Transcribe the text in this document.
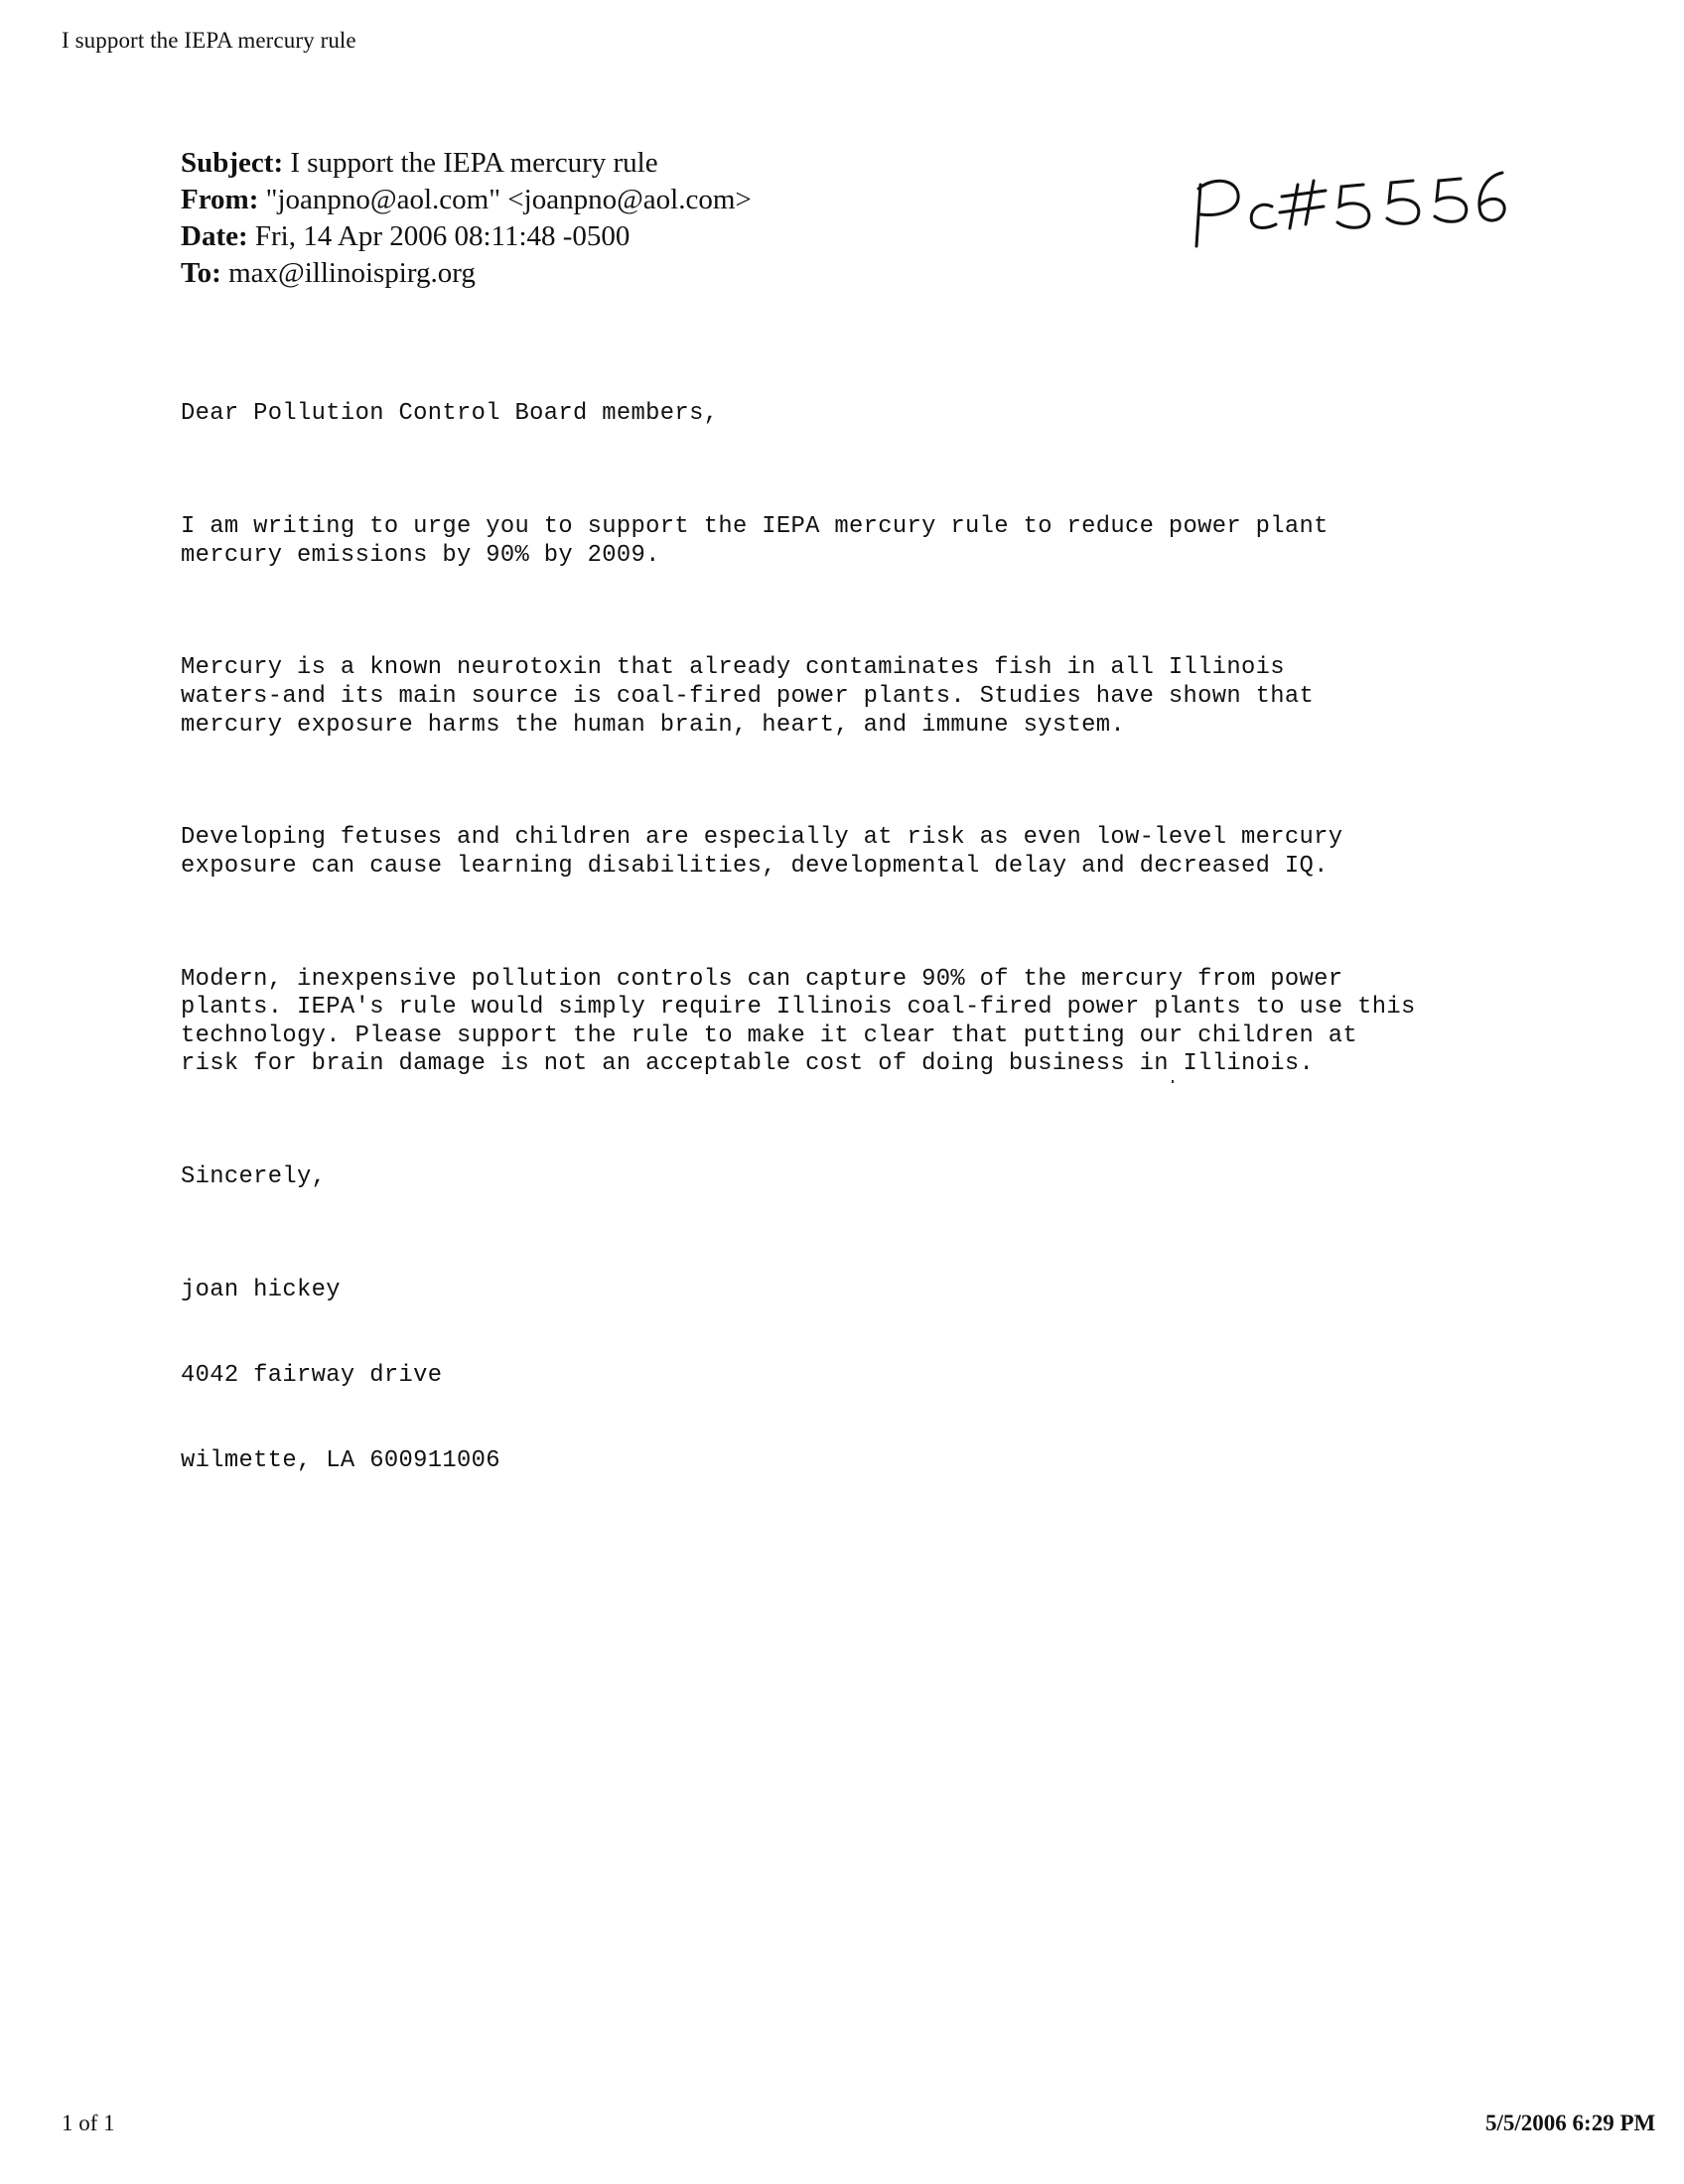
I support the IEPA mercury rule
Subject: I support the IEPA mercury rule
From: "joanpno@aol.com" <joanpno@aol.com>
Date: Fri, 14 Apr 2006 08:11:48 -0500
To: max@illinoispirg.org

Dear Pollution Control Board members,

I am writing to urge you to support the IEPA mercury rule to reduce power plant
mercury emissions by 90% by 2009.

Mercury is a known neurotoxin that already contaminates fish in all Illinois
waters-and its main source is coal-fired power plants. Studies have shown that
mercury exposure harms the human brain, heart, and immune system.

Developing fetuses and children are especially at risk as even low-level mercury
exposure can cause learning disabilities, developmental delay and decreased IQ.

Modern, inexpensive pollution controls can capture 90% of the mercury from power
plants. IEPA's rule would simply require Illinois coal-fired power plants to use this
technology. Please support the rule to make it clear that putting our children at
risk for brain damage is not an acceptable cost of doing business in Illinois.

Sincerely,

joan hickey

4042 fairway drive

wilmette, LA 600911006

1 of 1	5/5/2006 6:29 PM
